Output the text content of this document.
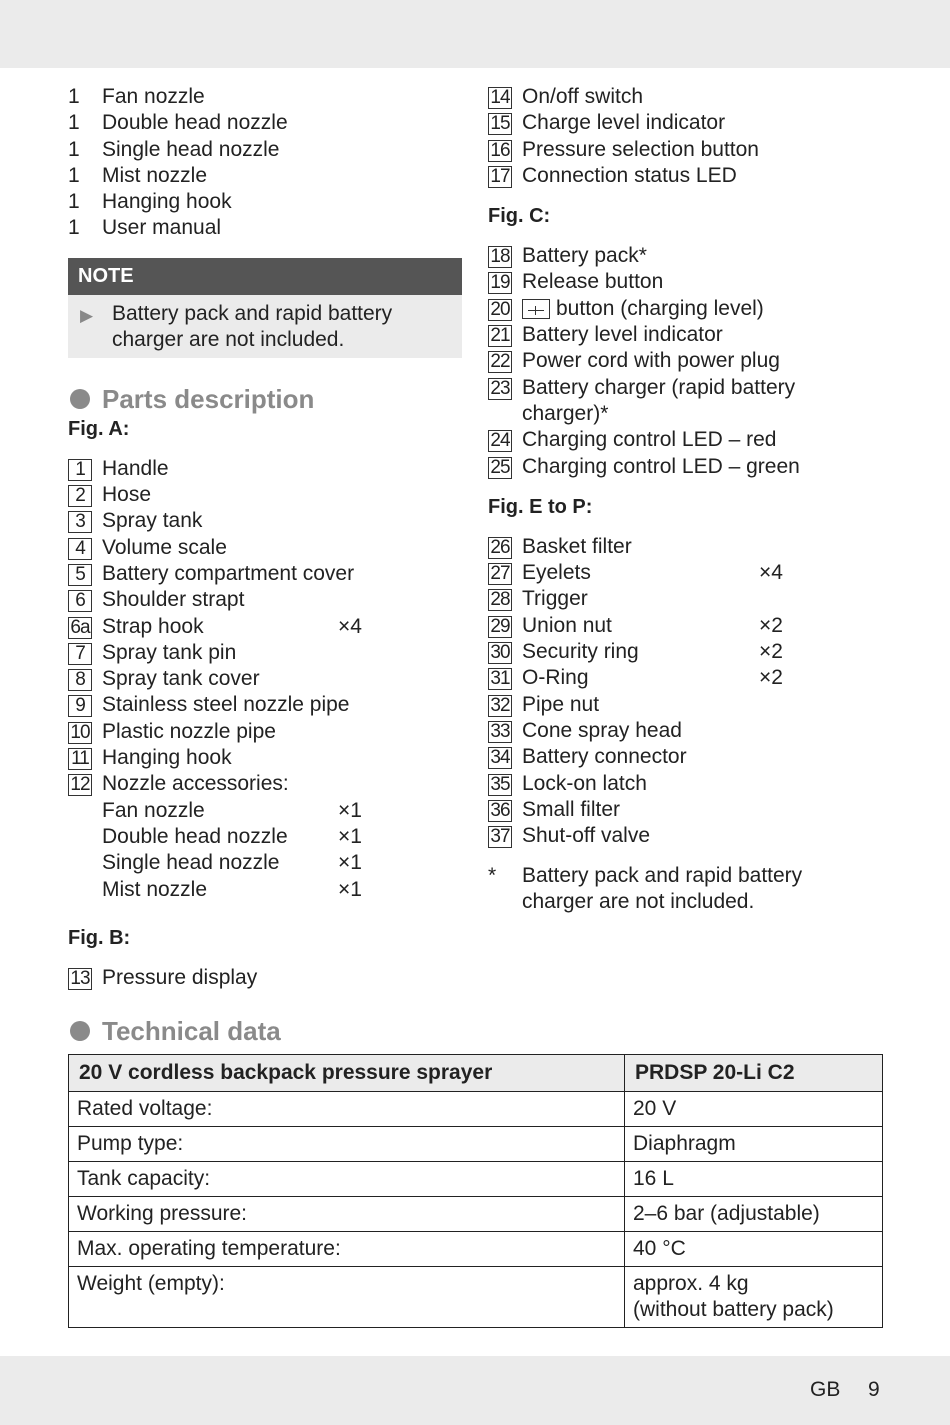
1 Fan nozzle
1 Double head nozzle
1 Single head nozzle
1 Mist nozzle
1 Hanging hook
1 User manual
NOTE
▶ Battery pack and rapid battery charger are not included.
Parts description
Fig. A:
1 Handle
2 Hose
3 Spray tank
4 Volume scale
5 Battery compartment cover
6 Shoulder strapt
6a Strap hook	×4
7 Spray tank pin
8 Spray tank cover
9 Stainless steel nozzle pipe
10 Plastic nozzle pipe
11 Hanging hook
12 Nozzle accessories:
Fan nozzle	×1
Double head nozzle ×1
Single head nozzle	×1
Mist nozzle	×1
Fig. B:
13 Pressure display
14 On/off switch
15 Charge level indicator
16 Pressure selection button
17 Connection status LED
Fig. C:
18 Battery pack*
19 Release button
20	button (charging level)
21 Battery level indicator
22 Power cord with power plug
23 Battery charger (rapid battery
charger)*
24 Charging control LED – red
25 Charging control LED – green
Fig. E to P:
26 Basket filter
27 Eyelets	×4
28 Trigger
29 Union nut	×2
30 Security ring	×2
31 O-Ring	×2
32 Pipe nut
33 Cone spray head
34 Battery connector
35 Lock-on latch
36 Small filter
37 Shut-off valve
* Battery pack and rapid battery charger are not included.
Technical data
20 V cordless backpack pressure sprayer	PRDSP 20-Li C2
Rated voltage:	20 V
Pump type:	Diaphragm
Tank capacity:	16 L
Working pressure:	2–6 bar (adjustable)
Max. operating temperature:	40 °C
Weight (empty):	approx. 4 kg
(without battery pack)
GB 9
